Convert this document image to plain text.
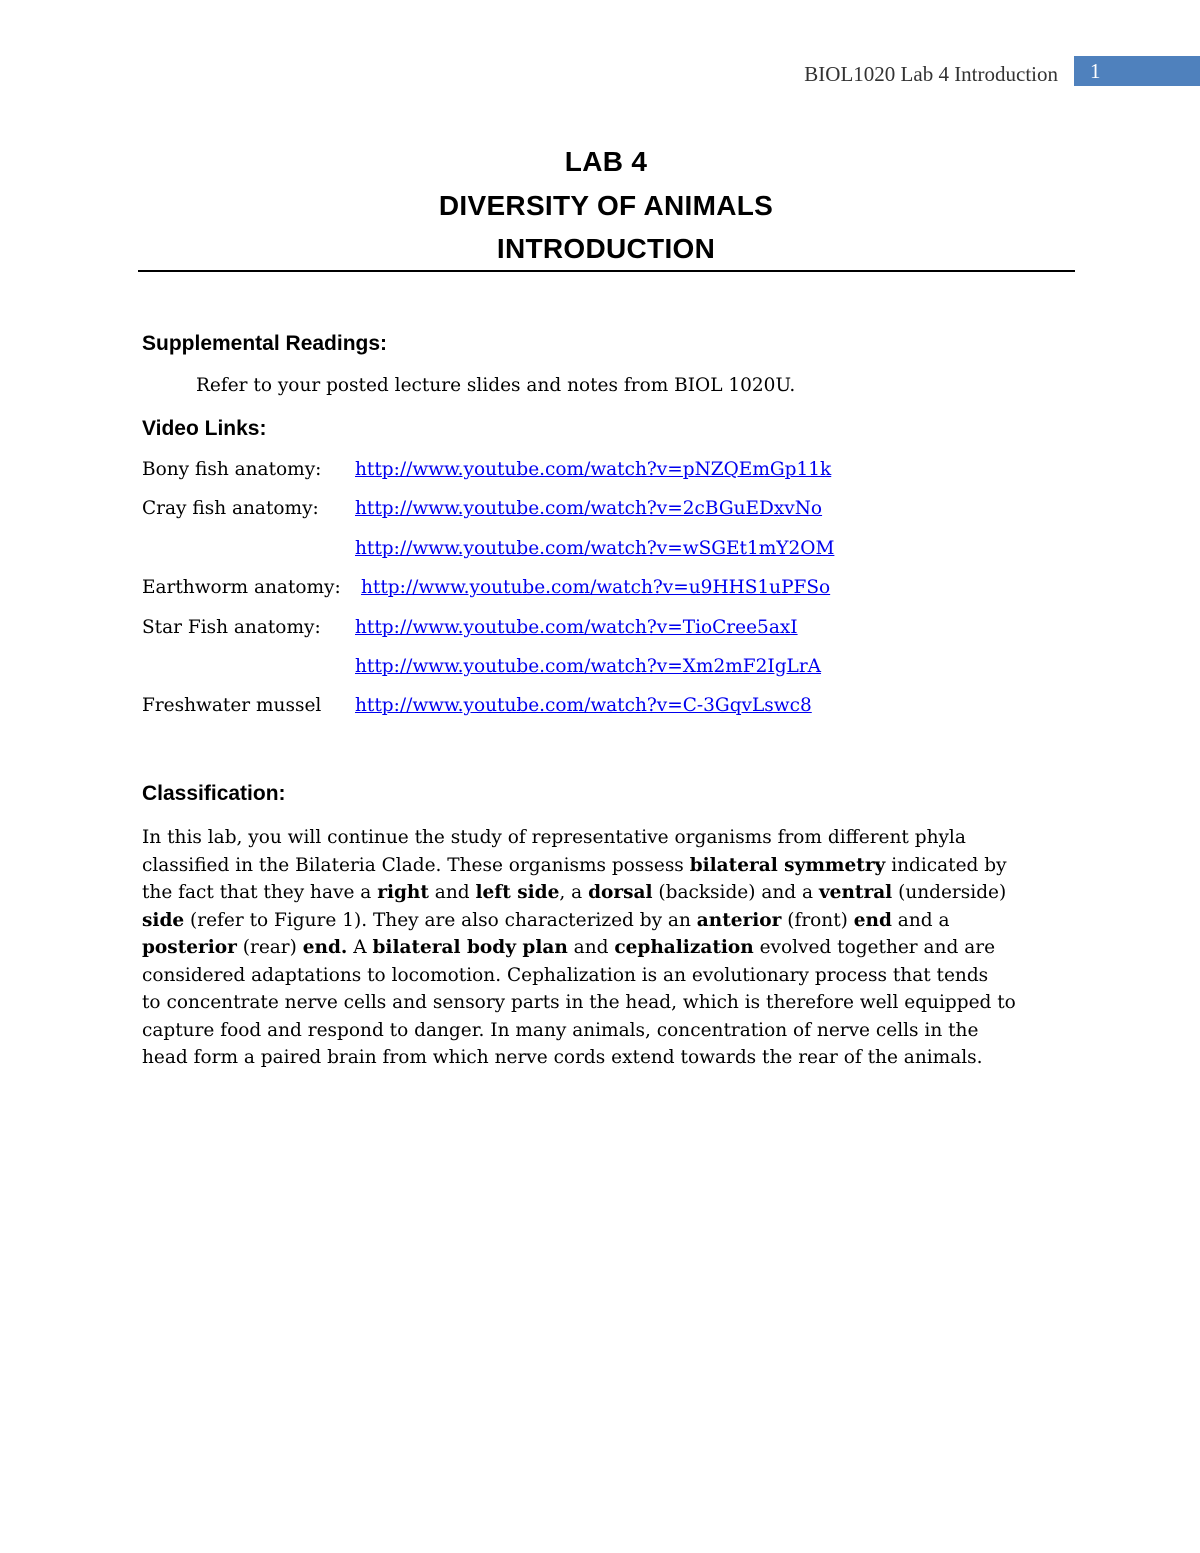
BIOL1020 Lab 4 Introduction	1
LAB 4
DIVERSITY OF ANIMALS
INTRODUCTION
Supplemental Readings:
Refer to your posted lecture slides and notes from BIOL 1020U.
Video Links:
Bony fish anatomy: http://www.youtube.com/watch?v=pNZQEmGp11k
Cray fish anatomy: http://www.youtube.com/watch?v=2cBGuEDxvNo
http://www.youtube.com/watch?v=wSGEt1mY2OM
Earthworm anatomy: http://www.youtube.com/watch?v=u9HHS1uPFSo
Star Fish anatomy: http://www.youtube.com/watch?v=TioCree5axI
http://www.youtube.com/watch?v=Xm2mF2IgLrA
Freshwater mussel http://www.youtube.com/watch?v=C-3GqvLswc8
Classification:
In this lab, you will continue the study of representative organisms from different phyla
classified in the Bilateria Clade. These organisms possess bilateral symmetry indicated by
the fact that they have a right and left side, a dorsal (backside) and a ventral (underside)
side (refer to Figure 1). They are also characterized by an anterior (front) end and a
posterior (rear) end. A bilateral body plan and cephalization evolved together and are
considered adaptations to locomotion. Cephalization is an evolutionary process that tends
to concentrate nerve cells and sensory parts in the head, which is therefore well equipped to
capture food and respond to danger. In many animals, concentration of nerve cells in the
head form a paired brain from which nerve cords extend towards the rear of the animals.
